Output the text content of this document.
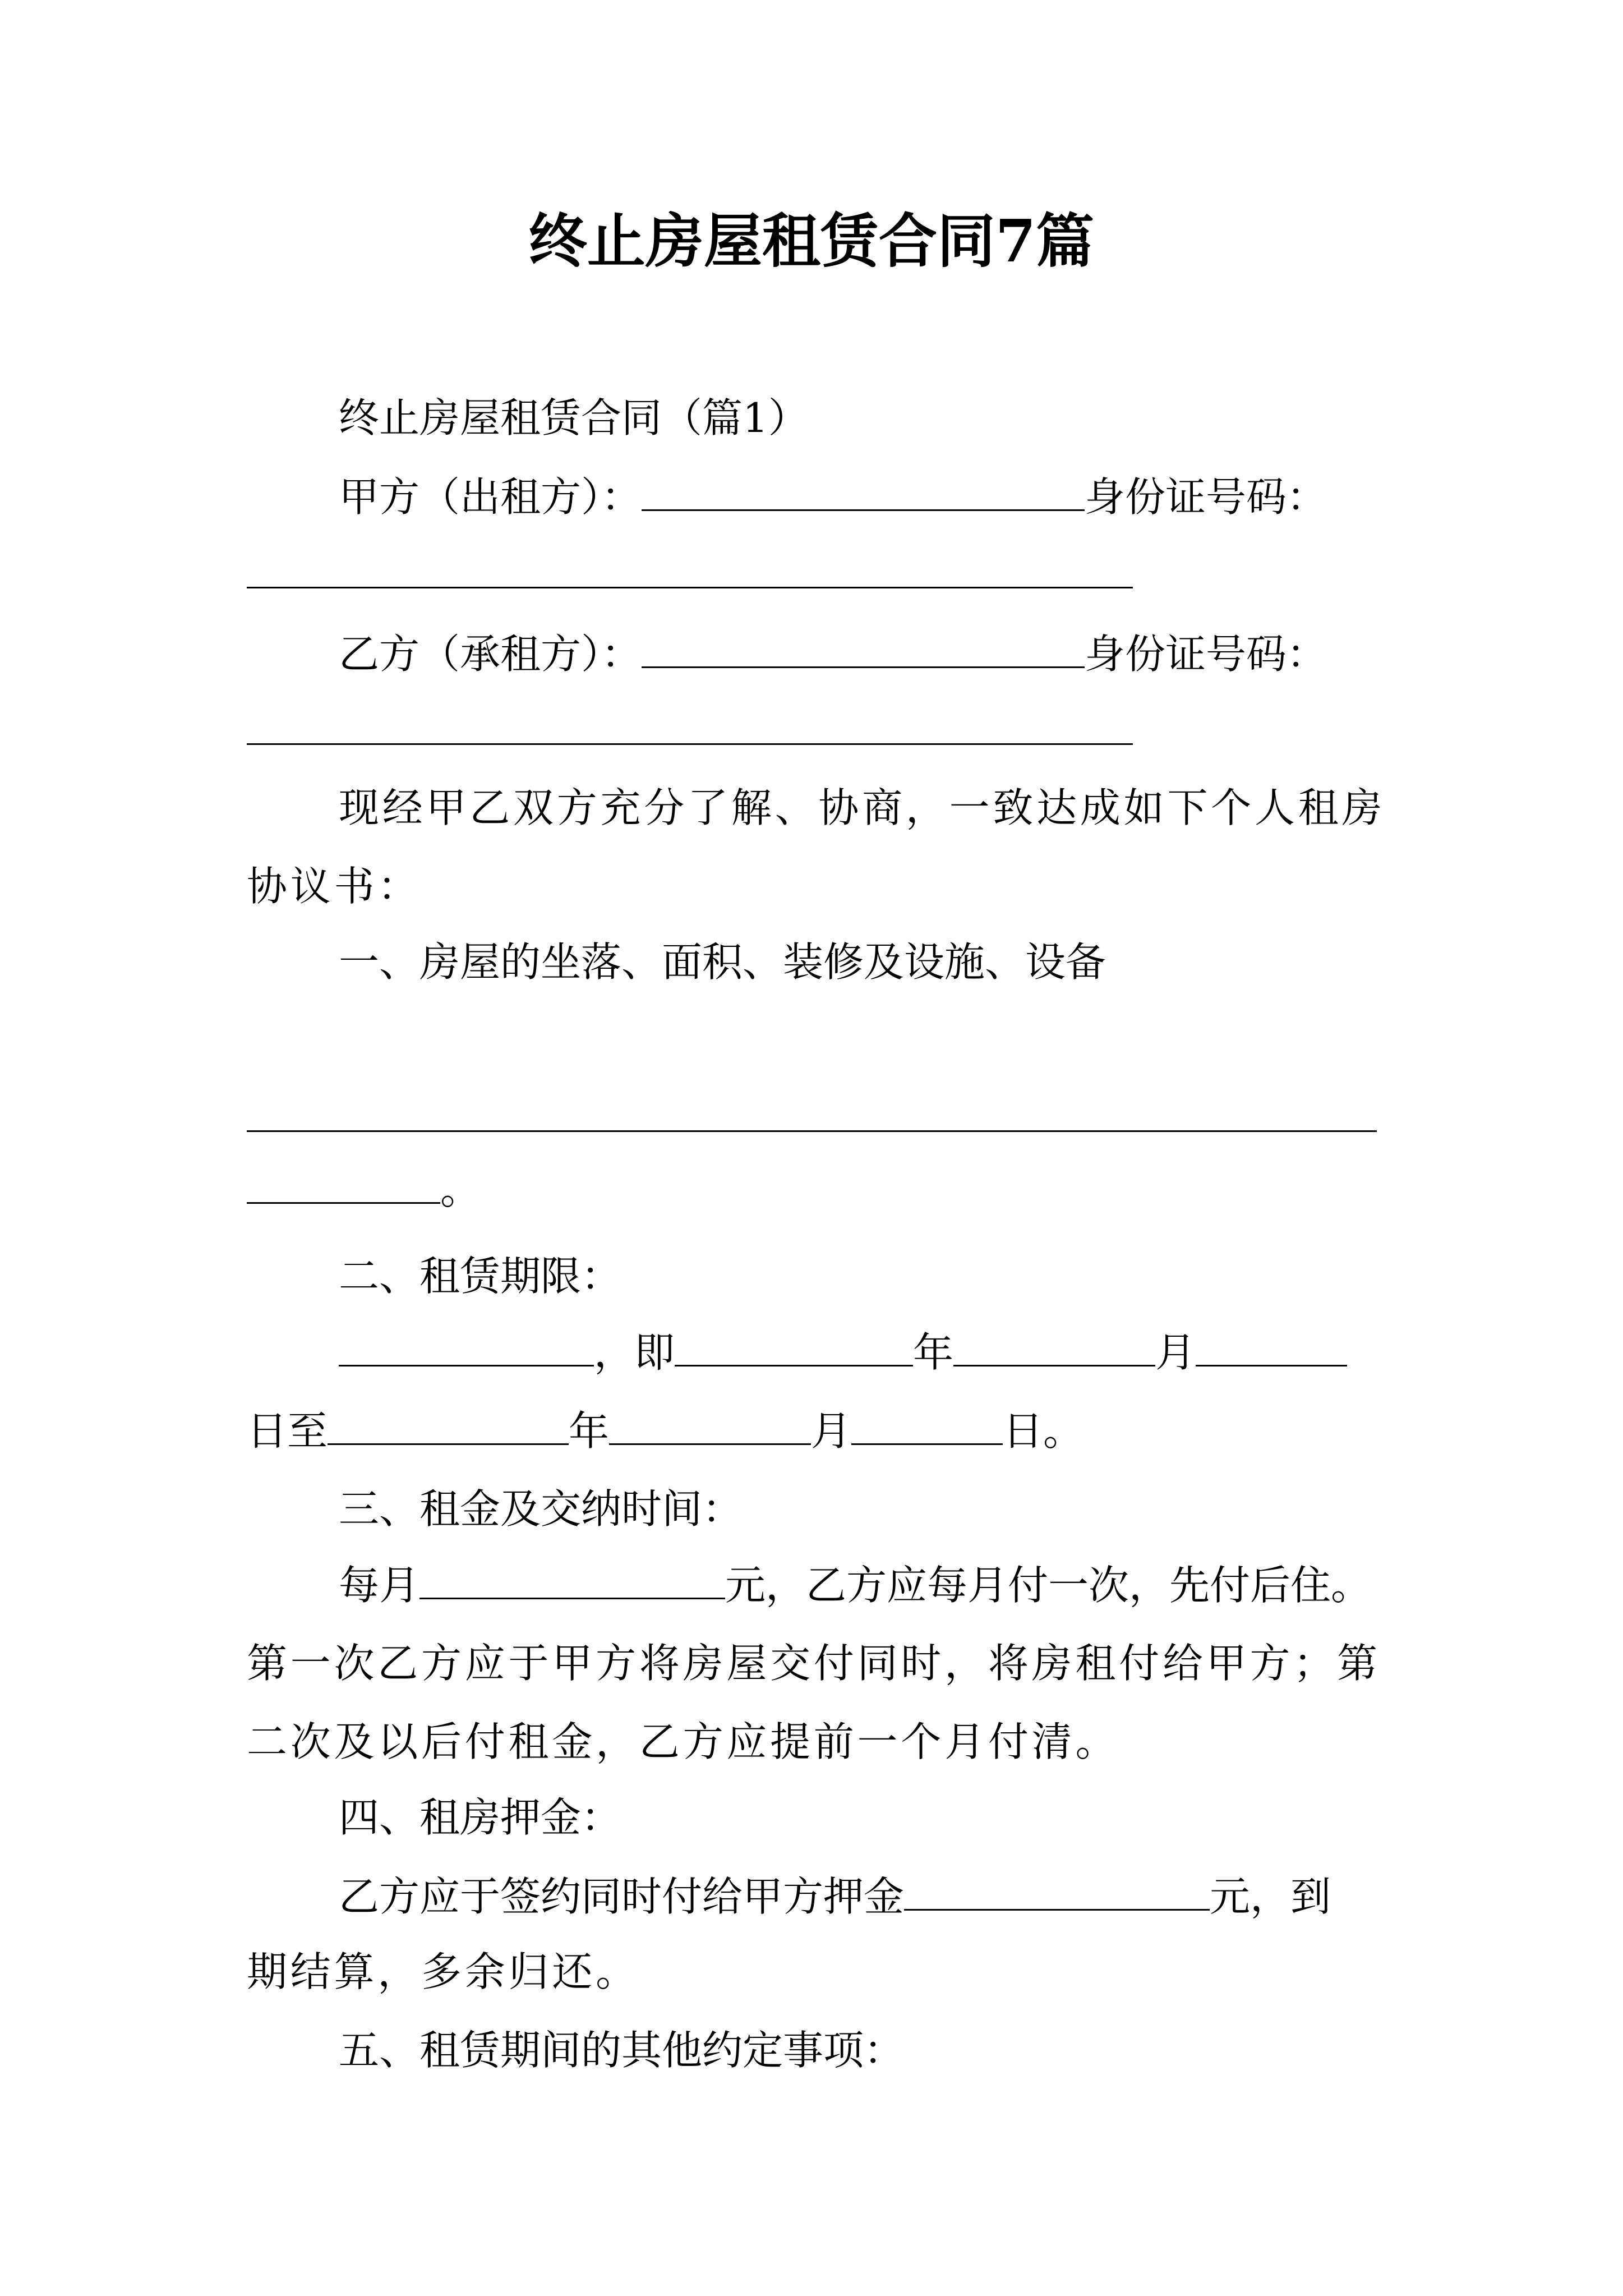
终止房屋租赁合同7篇
终止房屋租赁合同（篇1）
甲方（出租方）：	身份证号码：
乙方（承租方）：	身份证号码：
现经甲乙双方充分了解、协商，一致达成如下个人租房
协议书：
一、房屋的坐落、面积、装修及设施、设备
。
二、租赁期限：
，即	年	月
日至	年	月	日。
三、租金及交纳时间：
每月	元，乙方应每月付一次，先付后住。
第一次乙方应于甲方将房屋交付同时，将房租付给甲方；第
二次及以后付租金，乙方应提前一个月付清。
四、租房押金：
乙方应于签约同时付给甲方押金	元，到
期结算，多余归还。
五、租赁期间的其他约定事项：
